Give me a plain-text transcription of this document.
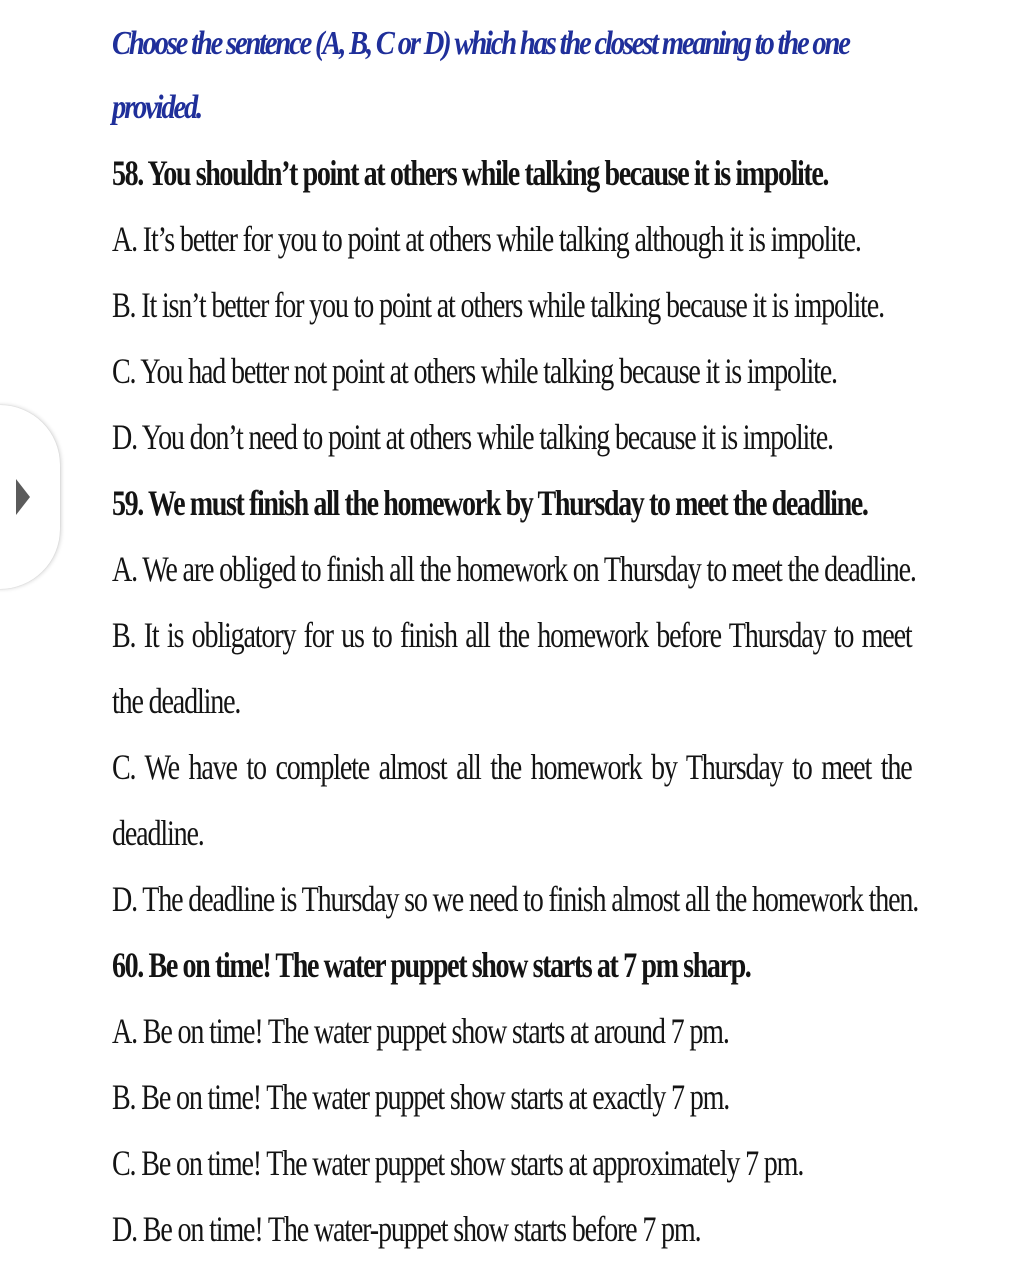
Choose the sentence (A, B, C or D) which has the closest meaning to the one provided.

58. You shouldn’t point at others while talking because it is impolite.

A. It’s better for you to point at others while talking although it is impolite.

B. It isn’t better for you to point at others while talking because it is impolite.

C. You had better not point at others while talking because it is impolite.

D. You don’t need to point at others while talking because it is impolite.

59. We must finish all the homework by Thursday to meet the deadline.

A. We are obliged to finish all the homework on Thursday to meet the deadline.

B. It is obligatory for us to finish all the homework before Thursday to meet the deadline.

C. We have to complete almost all the homework by Thursday to meet the deadline.

D. The deadline is Thursday so we need to finish almost all the homework then.

60. Be on time! The water puppet show starts at 7 pm sharp.

A. Be on time! The water puppet show starts at around 7 pm.

B. Be on time! The water puppet show starts at exactly 7 pm.

C. Be on time! The water puppet show starts at approximately 7 pm.

D. Be on time! The water-puppet show starts before 7 pm.
